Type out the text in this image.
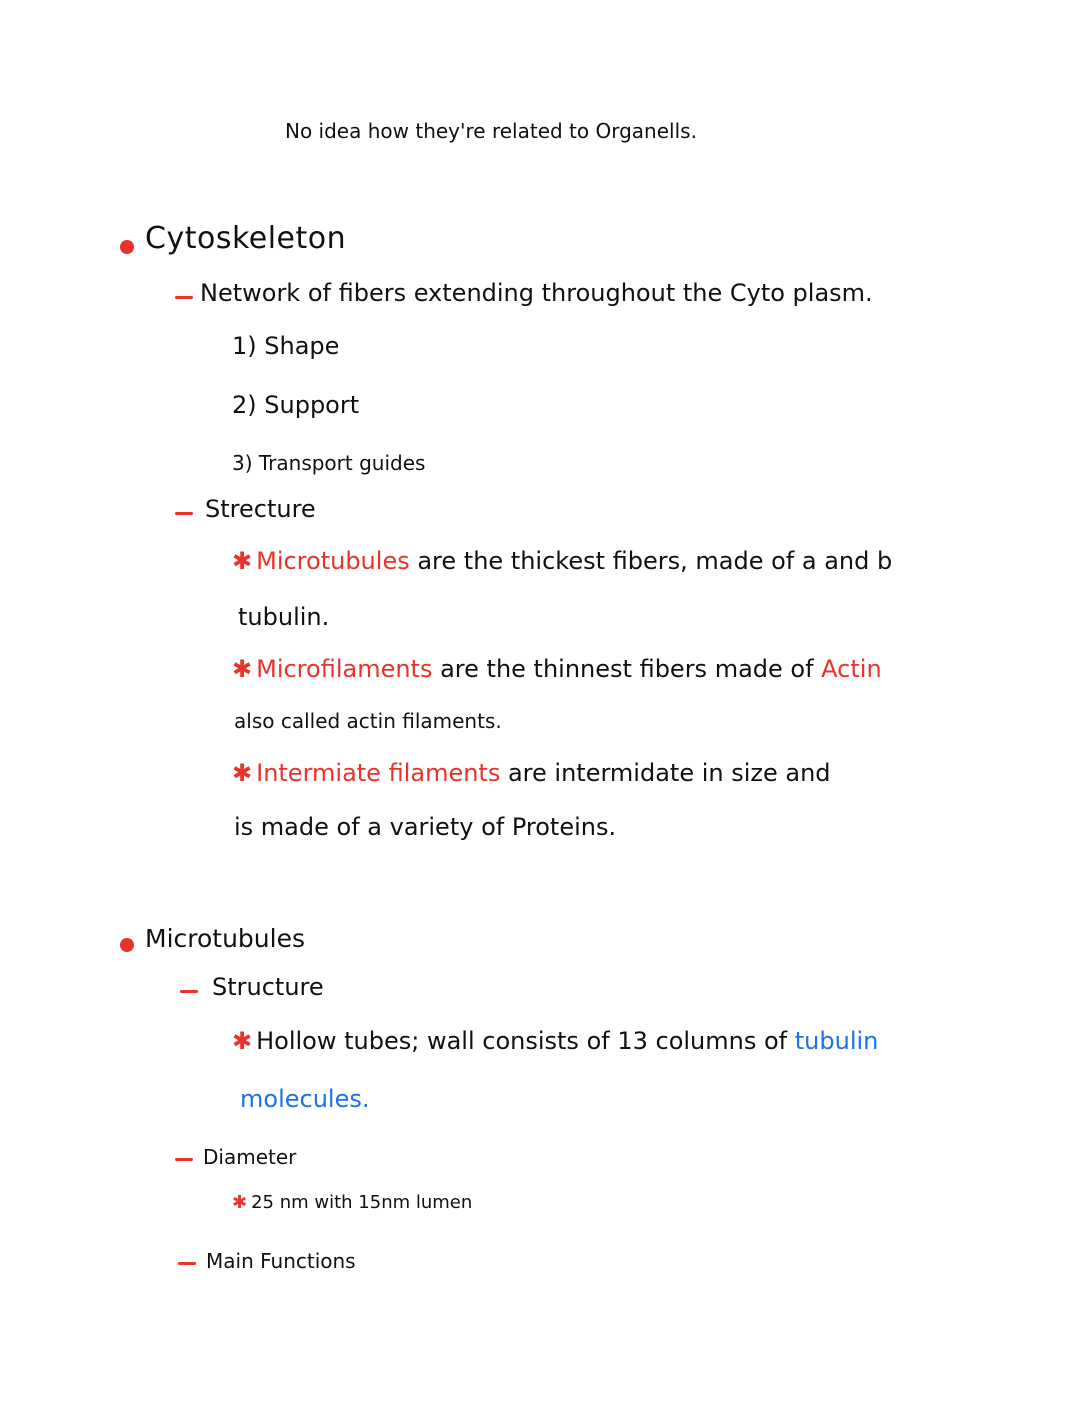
No idea how they're related to Organells.
Cytoskeleton
Network of fibers extending throughout the Cyto plasm.
1) Shape
2) Support
3) Transport guides
Strecture
✱ Microtubules are the thickest fibers, made of a and b
tubulin.
✱ Microfilaments are the thinnest fibers made of Actin
also called actin filaments.
✱ Intermiate filaments are intermidate in size and
is made of a variety of Proteins.
Microtubules
Structure
✱ Hollow tubes; wall consists of 13 columns of tubulin
molecules.
Diameter
✱ 25 nm with 15nm lumen
Main Functions
